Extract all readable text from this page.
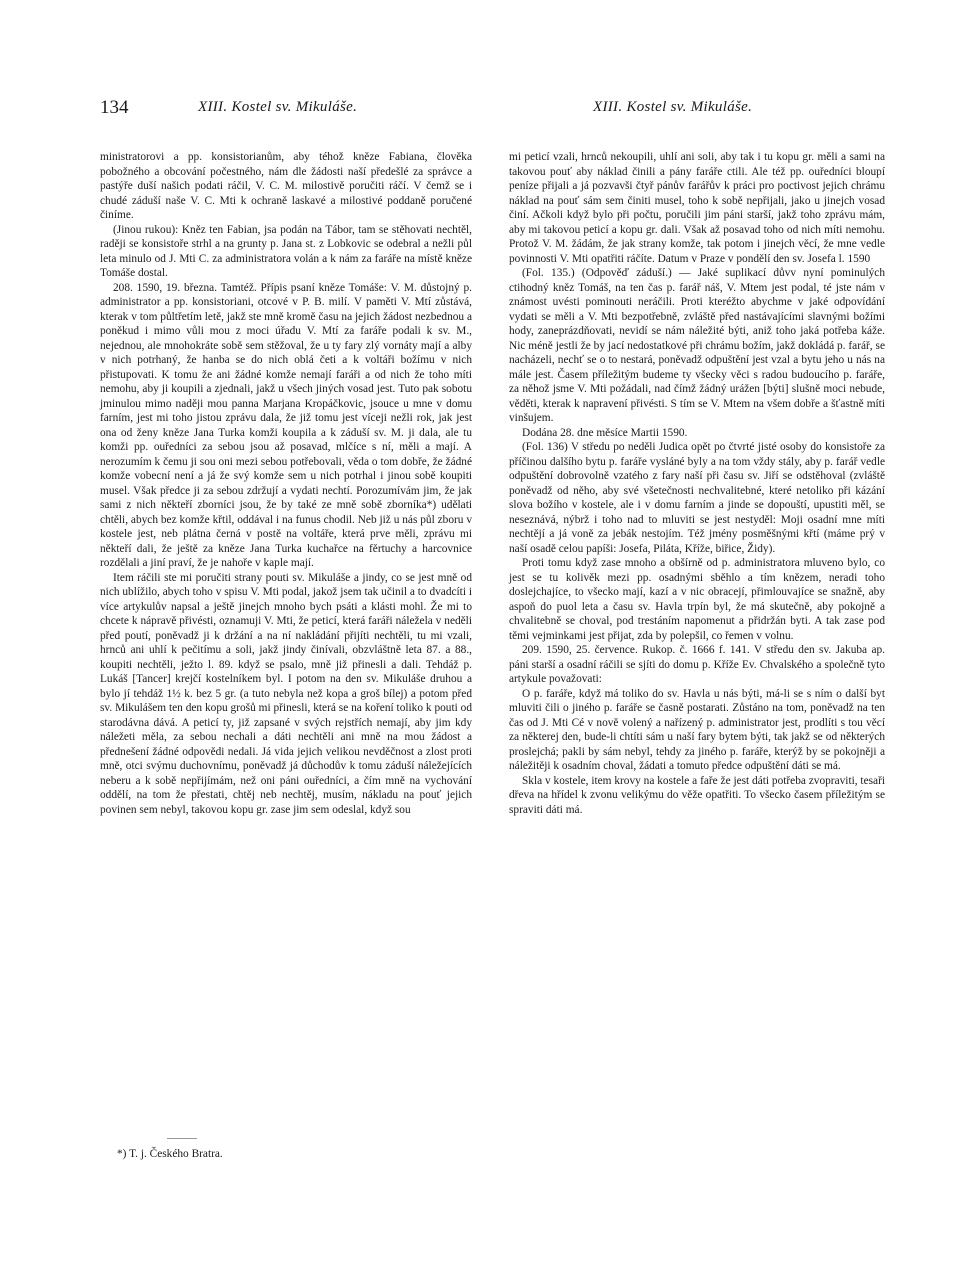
134	XIII. Kostel sv. Mikuláše.	XIII. Kostel sv. Mikuláše.

ministratorovi a pp. konsistorianům, aby téhož kněze Fabiana, člověka pobožného a obcování počestného, nám dle žádosti naší předešlé za správce a pastýře duší našich podati ráčil, V. C. M. milostivě poručiti ráčí. V čemž se i chudé záduší naše V. C. Mti k ochraně laskavé a milostivé poddaně poručené činíme.

(Jinou rukou): Kněz ten Fabian, jsa podán na Tábor, tam se stěhovati nechtěl, raději se konsistoře strhl a na grunty p. Jana st. z Lobkovic se odebral a nežli půl leta minulo od J. Mti C. za administratora volán a k nám za faráře na místě kněze Tomáše dostal.

208. 1590, 19. března. Tamtéž. Přípis psaní kněze Tomáše: V. M. důstojný p. administrator a pp. konsistoriani, otcové v P. B. milí. V paměti V. Mtí zůstává, kterak v tom půltřetím letě, jakž ste mně kromě času na jejich žádost nezbednou a poněkud i mimo vůli mou z moci úřadu V. Mtí za faráře podali k sv. M., nejednou, ale mnohokráte sobě sem stěžoval, že u ty fary zlý vornáty mají a alby v nich potrhaný, že hanba se do nich oblá četi a k voltáři božímu v nich přistupovati. K tomu že ani žádné komže nemají faráři a od nich že toho míti nemohu, aby ji koupili a zjednali, jakž u všech jiných vosad jest. Tuto pak sobotu jminulou mimo naději mou panna Marjana Kropáčkovic, jsouce u mne v domu farním, jest mi toho jistou zprávu dala, že již tomu jest víceji nežli rok, jak jest ona od ženy kněze Jana Turka komži koupila a k záduší sv. M. ji dala, ale tu komži pp. ouředníci za sebou jsou až posavad, mlčíce s ní, měli a mají. A nerozumím k čemu ji sou oni mezi sebou potřebovali, věda o tom dobře, že žádné komže vobecní není a já že svý komže sem u nich potrhal i jinou sobě koupiti musel. Však předce ji za sebou zdržují a vydati nechtí. Porozumívám jim, že jak sami z nich někteří zborníci jsou, že by také ze mně sobě zborníka*) udělati chtěli, abych bez komže křtil, oddával i na funus chodil. Neb již u nás půl zboru v kostele jest, neb plátna černá v postě na voltáře, která prve měli, zprávu mi někteří dali, že ještě za kněze Jana Turka kuchařce na fěrtuchy a harcovnice rozdělali a jiní praví, že je nahoře v kaple mají.

Item ráčili ste mi poručiti strany pouti sv. Mikuláše a jindy, co se jest mně od nich ublížilo, abych toho v spisu V. Mti podal, jakož jsem tak učinil a to dvadcíti i více artykulův napsal a ještě jinejch mnoho bych psáti a klásti mohl. Že mi to chcete k nápravě přivésti, oznamuji V. Mti, že peticí, která faráři náležela v neděli před poutí, poněvadž ji k držání a na ní nakládání přijíti nechtěli, tu mi vzali, hrnců ani uhlí k pečitímu a soli, jakž jindy činívali, obzvláštně leta 87. a 88., koupiti nechtěli, ježto l. 89. když se psalo, mně již přinesli a dali. Tehdáž p. Lukáš [Tancer] krejčí kostelníkem byl. I potom na den sv. Mikuláše druhou a bylo jí tehdáž 1½ k. bez 5 gr. (a tuto nebyla než kopa a groš bílej) a potom před sv. Mikulášem ten den kopu grošů mi přinesli, která se na koření toliko k pouti od starodávna dává. A peticí ty, již zapsané v svých rejstřích nemají, aby jim kdy náležeti měla, za sebou nechali a dáti nechtěli ani mně na mou žádost a přednešení žádné odpovědi nedali. Já vida jejich velikou nevděčnost a zlost proti mně, otci svýmu duchovnímu, poněvadž já důchodův k tomu záduší náležejících neberu a k sobě nepřijímám, než oni páni ouředníci, a čím mně na vychování oddělí, na tom že přestati, chtěj neb nechtěj, musím, nákladu na pouť jejich povinen sem nebyl, takovou kopu gr. zase jim sem odeslal, když sou

mi peticí vzali, hrnců nekoupili, uhlí ani soli, aby tak i tu kopu gr. měli a sami na takovou pouť aby náklad činili a pány faráře ctili. Ale též pp. ouředníci bloupí peníze přijali a já pozvavši čtyř pánův farářův k práci pro poctivost jejich chrámu náklad na pouť sám sem činiti musel, toho k sobě nepřijali, jako u jinejch vosad činí. Ačkoli když bylo při počtu, poručili jim páni starší, jakž toho zprávu mám, aby mi takovou peticí a kopu gr. dali. Však až posavad toho od nich míti nemohu. Protož V. M. žádám, že jak strany komže, tak potom i jinejch věcí, že mne vedle povinnosti V. Mti opatřiti ráčíte. Datum v Praze v pondělí den sv. Josefa l. 1590

(Fol. 135.) (Odpověď záduší.) — Jaké suplikací důvv nyní pominulých ctihodný kněz Tomáš, na ten čas p. farář náš, V. Mtem jest podal, té jste nám v známost uvésti pominouti neráčili. Proti kteréžto abychme v jaké odpovídání vydati se měli a V. Mti bezpotřebně, zvláště před nastávajícími slavnými božími hody, zaneprázdňovati, nevidí se nám náležité býti, aniž toho jaká potřeba káže. Nic méně jestli že by jací nedostatkové při chrámu božím, jakž dokládá p. farář, se nacházeli, nechť se o to nestará, poněvadž odpuštění jest vzal a bytu jeho u nás na mále jest. Časem příležitým budeme ty všecky věci s radou budoucího p. faráře, za něhož jsme V. Mti požádali, nad čímž žádný urážen [býti] slušně moci nebude, věděti, kterak k napravení přivésti. S tím se V. Mtem na všem dobře a šťastně míti vinšujem.

Dodána 28. dne měsíce Martii 1590.

(Fol. 136) V středu po neděli Judica opět po čtvrté jisté osoby do konsistoře za příčinou dalšího bytu p. faráře vysláné byly a na tom vždy stály, aby p. farář vedle odpuštění dobrovolně vzatého z fary naší při času sv. Jiří se odstěhoval (zvláště poněvadž od něho, aby své všetečnosti nechvalitebné, které netoliko při kázání slova božího v kostele, ale i v domu farním a jinde se dopouští, upustiti měl, se neseznává, nýbrž i toho nad to mluviti se jest nestyděl: Moji osadní mne míti nechtějí a já voně za jebák nestojím. Též jmény posměšnými křtí (máme prý v naší osadě celou papíši: Josefa, Piláta, Kříže, biřice, Židy).

Proti tomu když zase mnoho a obšírně od p. administratora mluveno bylo, co jest se tu kolivěk mezi pp. osadnými sběhlo a tím knězem, neradi toho doslejchajíce, to všecko mají, kazí a v nic obracejí, přimlouvajíce se snažně, aby aspoň do puol leta a času sv. Havla trpín byl, že má skutečně, aby pokojně a chvalitebně se choval, pod trestáním napomenut a přidržán byti. A tak zase pod těmi vejminkami jest přijat, zda by polepšil, co řemen v volnu.

209. 1590, 25. července. Rukop. č. 1666 f. 141. V středu den sv. Jakuba ap. páni starší a osadní ráčili se sjíti do domu p. Kříže Ev. Chvalského a společně tyto artykule považovati:

O p. faráře, když má toliko do sv. Havla u nás býti, má-li se s ním o další byt mluviti čili o jiného p. faráře se časně postarati. Zůstáno na tom, poněvadž na ten čas od J. Mti Cé v nově volený a nařízený p. administrator jest, prodlíti s tou věcí za některej den, bude-li chtíti sám u naší fary bytem býti, tak jakž se od některých proslejchá; pakli by sám nebyl, tehdy za jiného p. faráře, kterýž by se pokojněji a náležitěji k osadním choval, žádati a tomuto předce odpuštění dáti se má.

Skla v kostele, item krovy na kostele a faře že jest dáti potřeba zvopraviti, tesaři dřeva na hřídel k zvonu velikýmu do věže opatřiti. To všecko časem příležitým se spraviti dáti má.

*) T. j. Českého Bratra.
